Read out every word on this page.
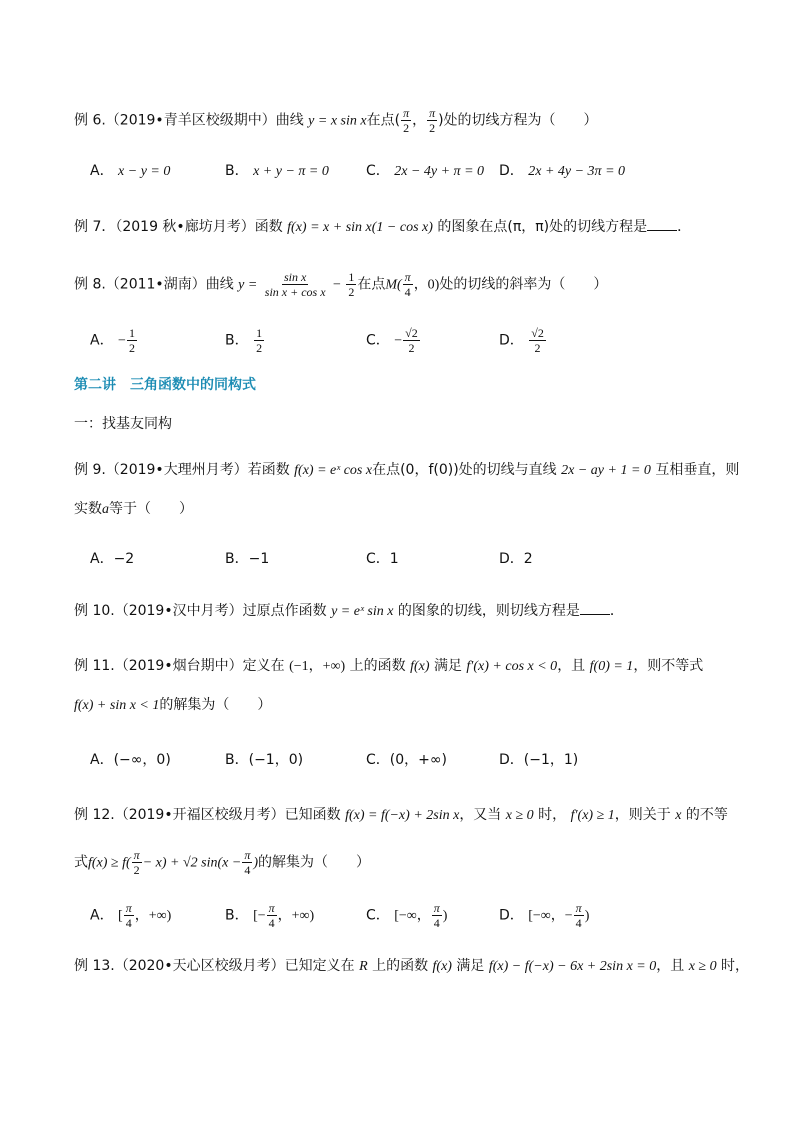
例 6.（2019•青羊区校级期中）曲线 y = x sin x在点( $\frac{\pi}{2}$ ， $\frac{\pi}{2}$ )处的切线方程为（　　）
A． x − y = 0	B． x + y − π = 0	C． 2x − 4y + π = 0 D． 2x + 4y − 3π = 0
例 7．（2019 秋•廊坊月考）函数 f(x) = x + sin x(1 − cos x) 的图象在点(π，π)处的切线方程是 ．
例 8.（2011•湖南）曲线 $y = \frac{\text{sin x}}{\text{sin x + cos x}} - \frac{1}{2}$ 在点$M( \frac{\pi}{4}$ ，0)处的切线的斜率为（　　）
A． − $\frac{1}{2}$	B． $\frac{1}{2}$	C． − $\frac{√2}{2}$	D． $\frac{√2}{2}$
第二讲　三角函数中的同构式
一：找基友同构
例 9.（2019•大理州月考）若函数 f(x) = eˣ cos x在点(0，f(0))处的切线与直线 2x − ay + 1 = 0 互相垂直，则
实数a等于（　　）
A．−2	B．−1	C．1	D．2
例 10.（2019•汉中月考）过原点作函数 y = eˣ sin x 的图象的切线，则切线方程是 ．
例 11.（2019•烟台期中）定义在 (−1，+∞) 上的函数 f(x) 满足 f′(x) + cos x < 0，且 f(0) = 1，则不等式
f(x) + sin x < 1的解集为（　　）
A．(−∞，0)	B．(−1，0)	C．(0，+∞)	D．(−1，1)
例 12.（2019•开福区校级月考）已知函数 f(x) = f(−x) + 2sin x，又当 x ≥ 0 时， f′(x) ≥ 1，则关于 x 的不等
式$f(x) \ge f( \frac{\pi}{2} - x) + √2$ $\sin(x - \frac{\pi}{4}$ )的解集为（　　）
A． [ $\frac{\pi}{4}$ ，+∞)	B． [− $\frac{\pi}{4}$ ，+∞)	C． [−∞， $\frac{\pi}{4}$ )	D． [−∞，− $\frac{\pi}{4}$ )
例 13.（2020•天心区校级月考）已知定义在 R 上的函数 f(x) 满足 f(x) − f(−x) − 6x + 2sin x = 0，且 x ≥ 0 时，
